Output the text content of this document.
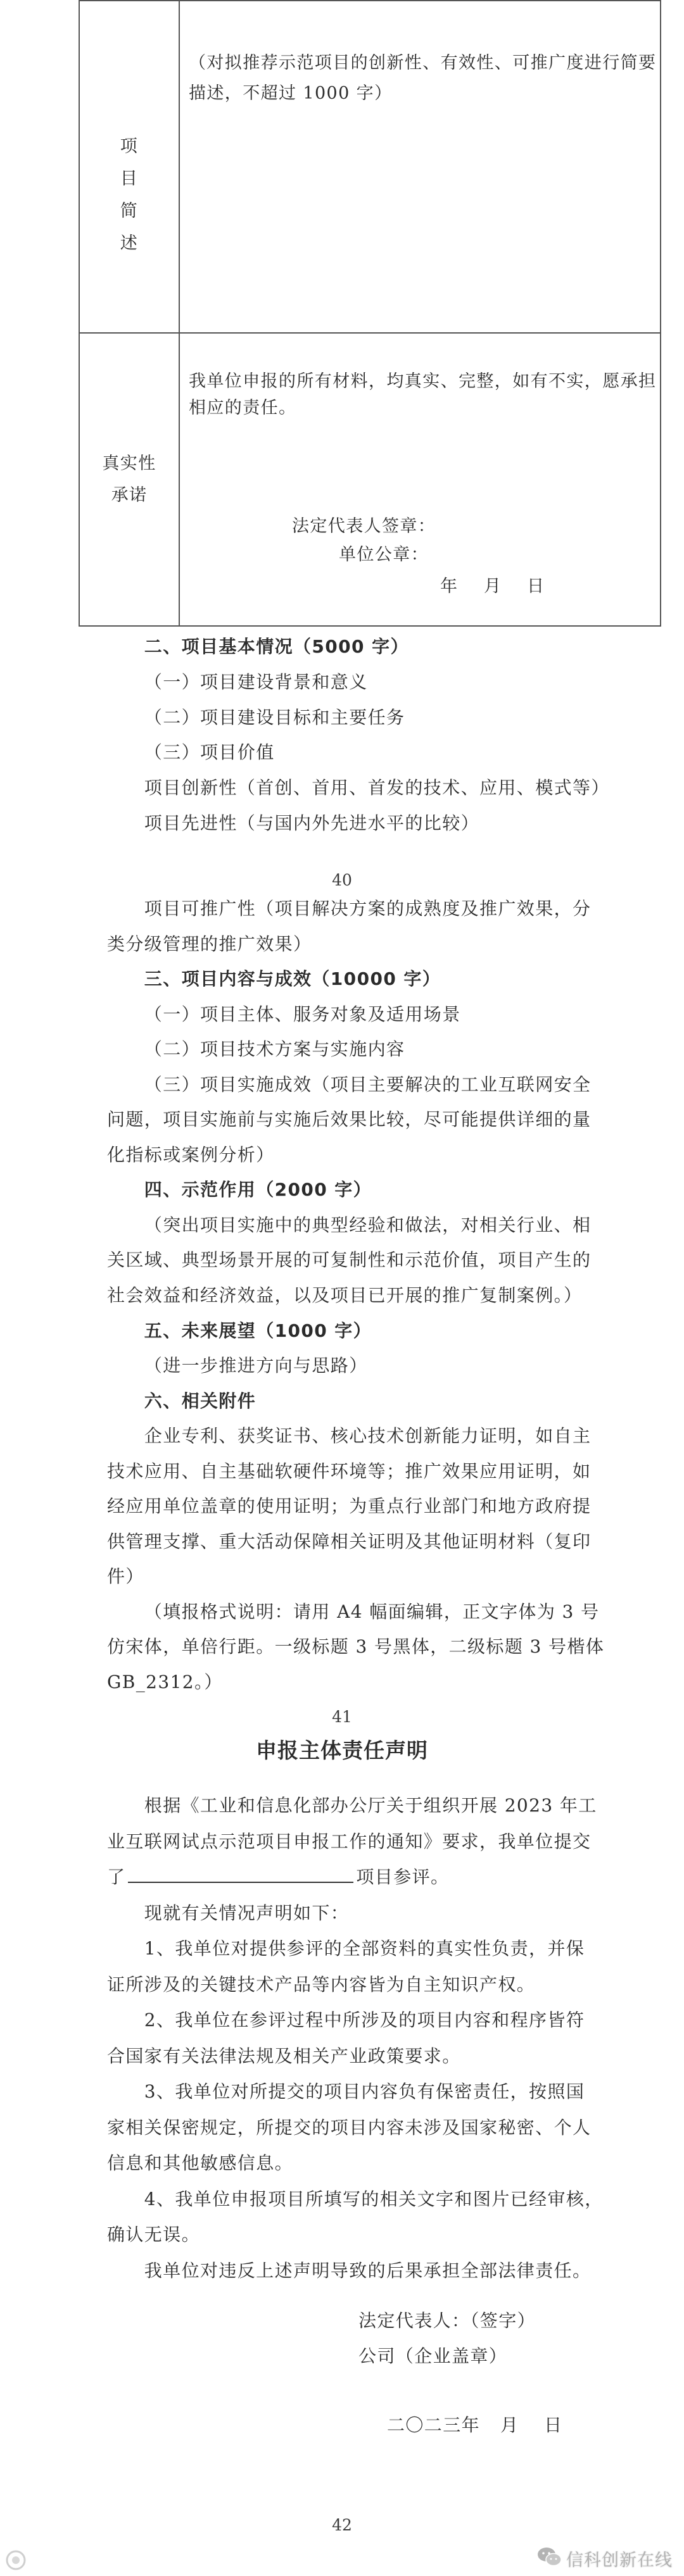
项
目
简
述
（对拟推荐示范项目的创新性、有效性、可推广度进行简要
描述，不超过 1000 字）
真实性
承诺
我单位申报的所有材料，均真实、完整，如有不实，愿承担
相应的责任。
法定代表人签章：
单位公章：
年 月 日
二、项目基本情况（5000 字）
（一）项目建设背景和意义
（二）项目建设目标和主要任务
（三）项目价值
项目创新性（首创、首用、首发的技术、应用、模式等）
项目先进性（与国内外先进水平的比较）
40
项目可推广性（项目解决方案的成熟度及推广效果，分
类分级管理的推广效果）
三、项目内容与成效（10000 字）
（一）项目主体、服务对象及适用场景
（二）项目技术方案与实施内容
（三）项目实施成效（项目主要解决的工业互联网安全
问题，项目实施前与实施后效果比较，尽可能提供详细的量
化指标或案例分析）
四、示范作用（2000 字）
（突出项目实施中的典型经验和做法，对相关行业、相
关区域、典型场景开展的可复制性和示范价值，项目产生的
社会效益和经济效益，以及项目已开展的推广复制案例。）
五、未来展望（1000 字）
（进一步推进方向与思路）
六、相关附件
企业专利、获奖证书、核心技术创新能力证明，如自主
技术应用、自主基础软硬件环境等；推广效果应用证明，如
经应用单位盖章的使用证明；为重点行业部门和地方政府提
供管理支撑、重大活动保障相关证明及其他证明材料（复印
件）
（填报格式说明：请用 A4 幅面编辑，正文字体为 3 号
仿宋体，单倍行距。一级标题 3 号黑体，二级标题 3 号楷体
GB_2312。）
41
申报主体责任声明
根据《工业和信息化部办公厅关于组织开展 2023 年工
业互联网试点示范项目申报工作的通知》要求，我单位提交
了	项目参评。
现就有关情况声明如下：
1、我单位对提供参评的全部资料的真实性负责，并保
证所涉及的关键技术产品等内容皆为自主知识产权。
2、我单位在参评过程中所涉及的项目内容和程序皆符
合国家有关法律法规及相关产业政策要求。
3、我单位对所提交的项目内容负有保密责任，按照国
家相关保密规定，所提交的项目内容未涉及国家秘密、个人
信息和其他敏感信息。
4、我单位申报项目所填写的相关文字和图片已经审核，
确认无误。
我单位对违反上述声明导致的后果承担全部法律责任。
法定代表人：（签字）
公司（企业盖章）
二〇二三年 月 日
42
信科创新在线
